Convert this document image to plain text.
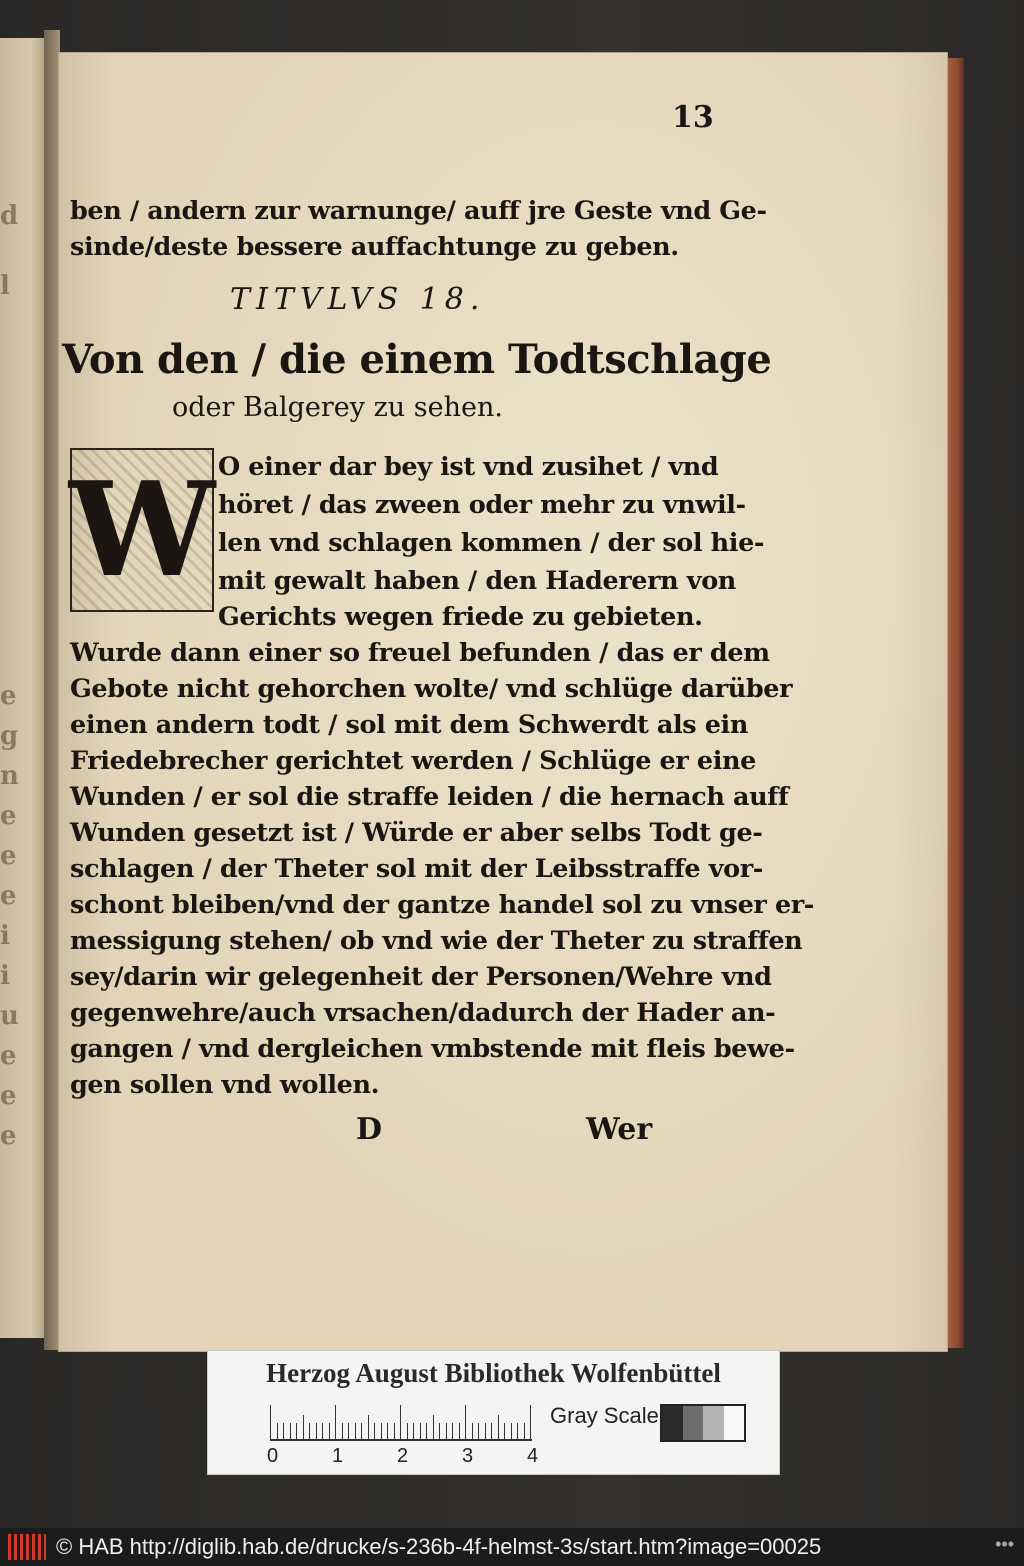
d
l
e
g
n
e
e
e
i
i
u
e
e
e
13
ben / andern zur warnunge/ auff jre Geste vnd Ge-
sinde/deste bessere auffachtunge zu geben.
TITVLVS 18.
Von den / die einem Todtschlage
oder Balgerey zu sehen.
W O einer dar bey ist vnd zusihet / vnd
höret / das zween oder mehr zu vnwil-
len vnd schlagen kommen / der sol hie-
mit gewalt haben / den Haderern von
Gerichts wegen friede zu gebieten.
Wurde dann einer so freuel befunden / das er dem
Gebote nicht gehorchen wolte/ vnd schlüge darüber
einen andern todt / sol mit dem Schwerdt als ein
Friedebrecher gerichtet werden / Schlüge er eine
Wunden / er sol die straffe leiden / die hernach auff
Wunden gesetzt ist / Würde er aber selbs Todt ge-
schlagen / der Theter sol mit der Leibsstraffe vor-
schont bleiben/vnd der gantze handel sol zu vnser er-
messigung stehen/ ob vnd wie der Theter zu straffen
sey/darin wir gelegenheit der Personen/Wehre vnd
gegenwehre/auch vrsachen/dadurch der Hader an-
gangen / vnd dergleichen vmbstende mit fleis bewe-
gen sollen vnd wollen.
D	Wer
Herzog August Bibliothek Wolfenbüttel
0	1	2	3	4
Gray Scale
© HAB http://diglib.hab.de/drucke/s-236b-4f-helmst-3s/start.htm?image=00025	•••
